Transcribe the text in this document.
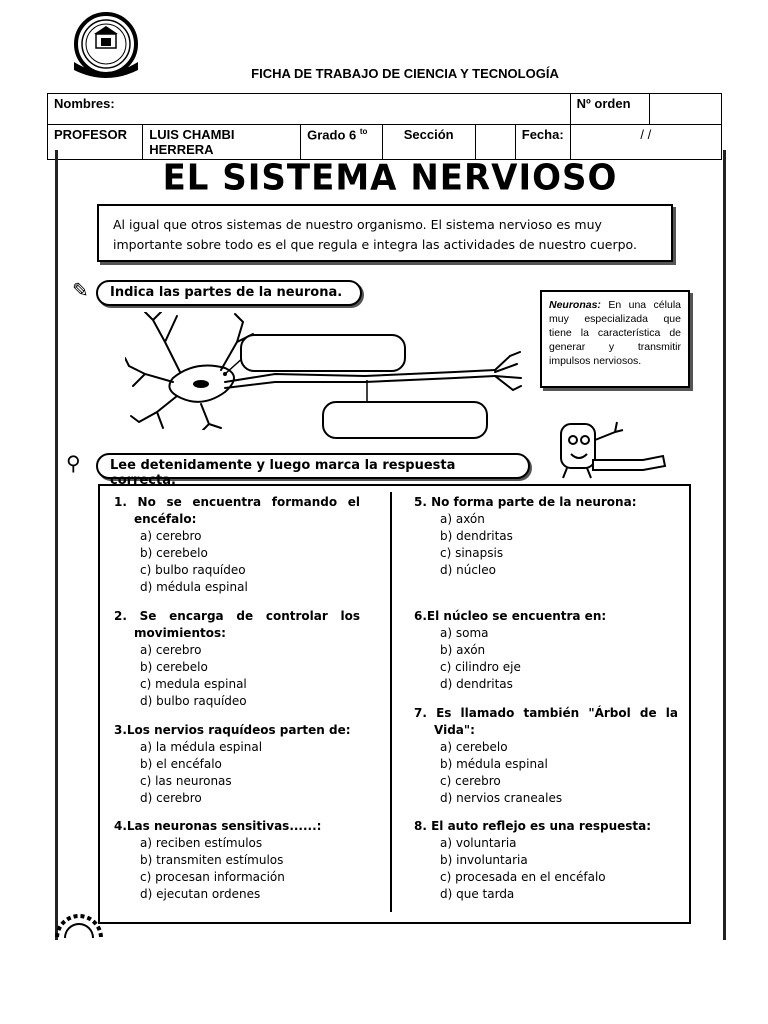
FICHA DE TRABAJO DE CIENCIA Y TECNOLOGÍA
Nombres:						Nº orden	
PROFESOR	LUIS CHAMBI HERRERA	Grado 6 $^{to}$	Sección		Fecha:	/ /	
EL SISTEMA NERVIOSO
Al igual que otros sistemas de nuestro organismo. El sistema nervioso es muy importante sobre todo es el que regula e integra las actividades de nuestro cuerpo.
✎	Indica las partes de la neurona.
Neuronas: En una célula muy especializada que tiene la característica de generar y transmitir impulsos nerviosos.
⚲	Lee detenidamente y luego marca la respuesta correcta.
1. No se encuentra formando el
encéfalo:
a) cerebro
b) cerebelo
c) bulbo raquídeo
d) médula espinal
2. Se encarga de controlar los
movimientos:
a) cerebro
b) cerebelo
c) medula espinal
d) bulbo raquídeo
3.Los nervios raquídeos parten de:
a) la médula espinal
b) el encéfalo
c) las neuronas
d) cerebro
4.Las neuronas sensitivas......:
a) reciben estímulos
b) transmiten estímulos
c) procesan información
d) ejecutan ordenes
5. No forma parte de la neurona:
a) axón
b) dendritas
c) sinapsis
d) núcleo
6.El núcleo se encuentra en:
a) soma
b) axón
c) cilindro eje
d) dendritas
7. Es llamado también "Árbol de la
Vida":
a) cerebelo
b) médula espinal
c) cerebro
d) nervios craneales
8. El auto reflejo es una respuesta:
a) voluntaria
b) involuntaria
c) procesada en el encéfalo
d) que tarda
